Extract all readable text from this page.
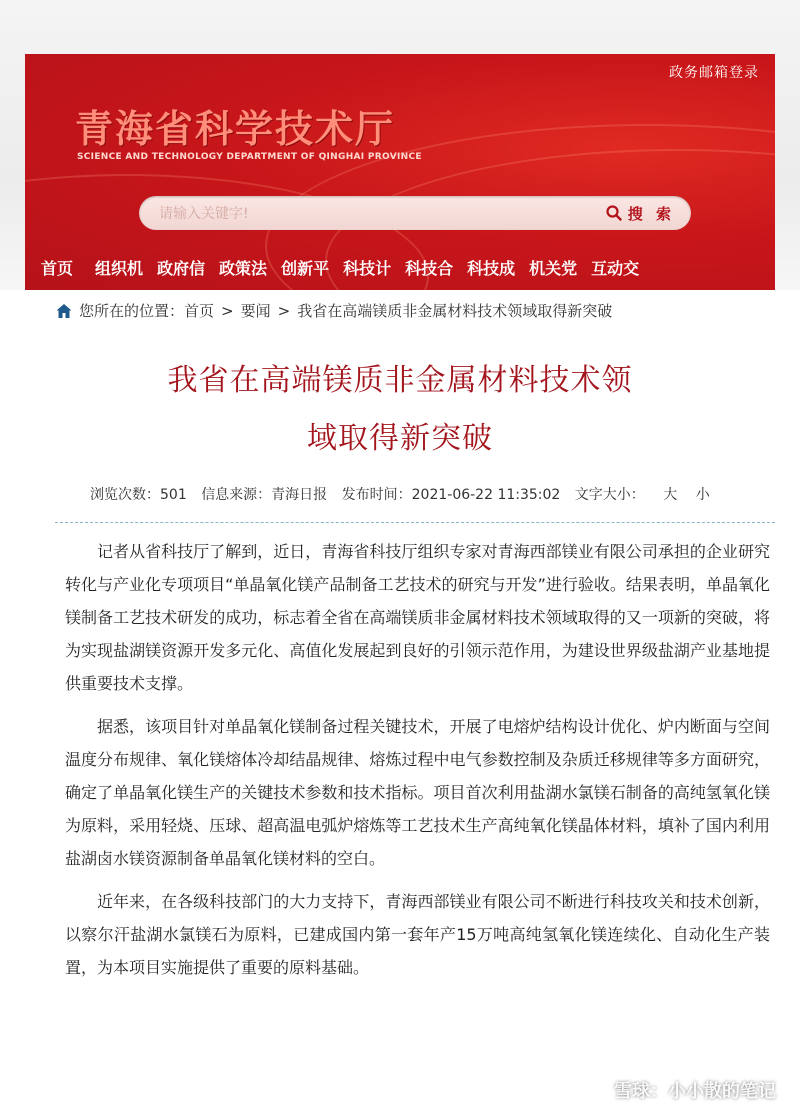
政务邮箱登录
青海省科学技术厅
SCIENCE AND TECHNOLOGY DEPARTMENT OF QINGHAI PROVINCE
请输入关键字!
搜 索
首页 组织机 政府信 政策法 创新平 科技计 科技合 科技成 机关党 互动交
您所在的位置： 首页 > 要闻 > 我省在高端镁质非金属材料技术领域取得新突破
我省在高端镁质非金属材料技术领
域取得新突破
浏览次数：501 信息来源：青海日报 发布时间：2021-06-22 11:35:02 文字大小： 大 小

记者从省科技厅了解到，近日，青海省科技厅组织专家对青海西部镁业有限公司承担的企业研究转化与产业化专项项目“单晶氧化镁产品制备工艺技术的研究与开发”进行验收。结果表明，单晶氧化镁制备工艺技术研发的成功，标志着全省在高端镁质非金属材料技术领域取得的又一项新的突破，将为实现盐湖镁资源开发多元化、高值化发展起到良好的引领示范作用，为建设世界级盐湖产业基地提供重要技术支撑。

据悉，该项目针对单晶氧化镁制备过程关键技术，开展了电熔炉结构设计优化、炉内断面与空间温度分布规律、氧化镁熔体冷却结晶规律、熔炼过程中电气参数控制及杂质迁移规律等多方面研究，确定了单晶氧化镁生产的关键技术参数和技术指标。项目首次利用盐湖水氯镁石制备的高纯氢氧化镁为原料，采用轻烧、压球、超高温电弧炉熔炼等工艺技术生产高纯氧化镁晶体材料，填补了国内利用盐湖卤水镁资源制备单晶氧化镁材料的空白。

近年来，在各级科技部门的大力支持下，青海西部镁业有限公司不断进行科技攻关和技术创新，以察尔汗盐湖水氯镁石为原料，已建成国内第一套年产15万吨高纯氢氧化镁连续化、自动化生产装置，为本项目实施提供了重要的原料基础。

雪球：小小散的笔记
